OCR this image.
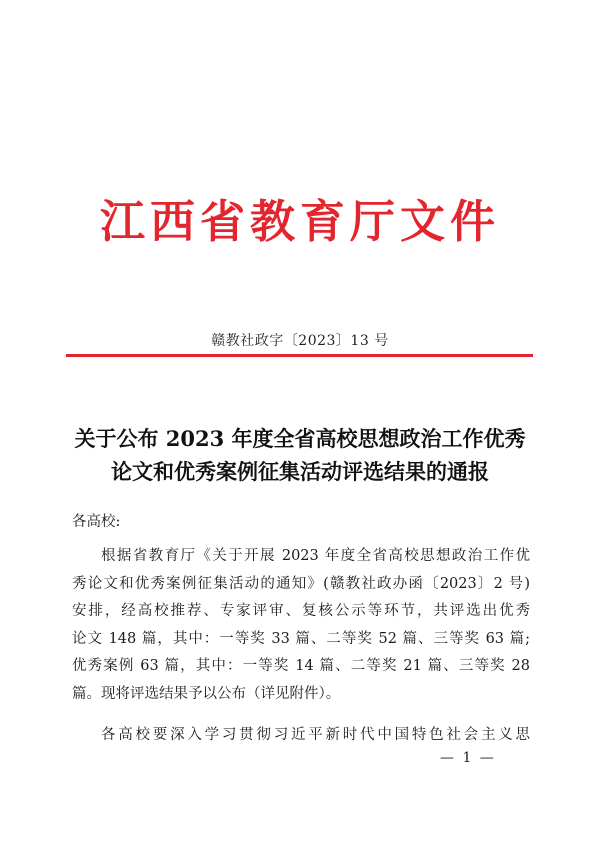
江西省教育厅文件
赣教社政字〔2023〕13 号
关于公布 2023 年度全省高校思想政治工作优秀
论文和优秀案例征集活动评选结果的通报
各高校:
根据省教育厅《关于开展 2023 年度全省高校思想政治工作优
秀论文和优秀案例征集活动的通知》(赣教社政办函〔2023〕2 号)
安排，经高校推荐、专家评审、复核公示等环节，共评选出优秀
论文 148 篇，其中：一等奖 33 篇、二等奖 52 篇、三等奖 63 篇;
优秀案例 63 篇，其中：一等奖 14 篇、二等奖 21 篇、三等奖 28
篇。现将评选结果予以公布（详见附件）。
各高校要深入学习贯彻习近平新时代中国特色社会主义思
— 1 —
